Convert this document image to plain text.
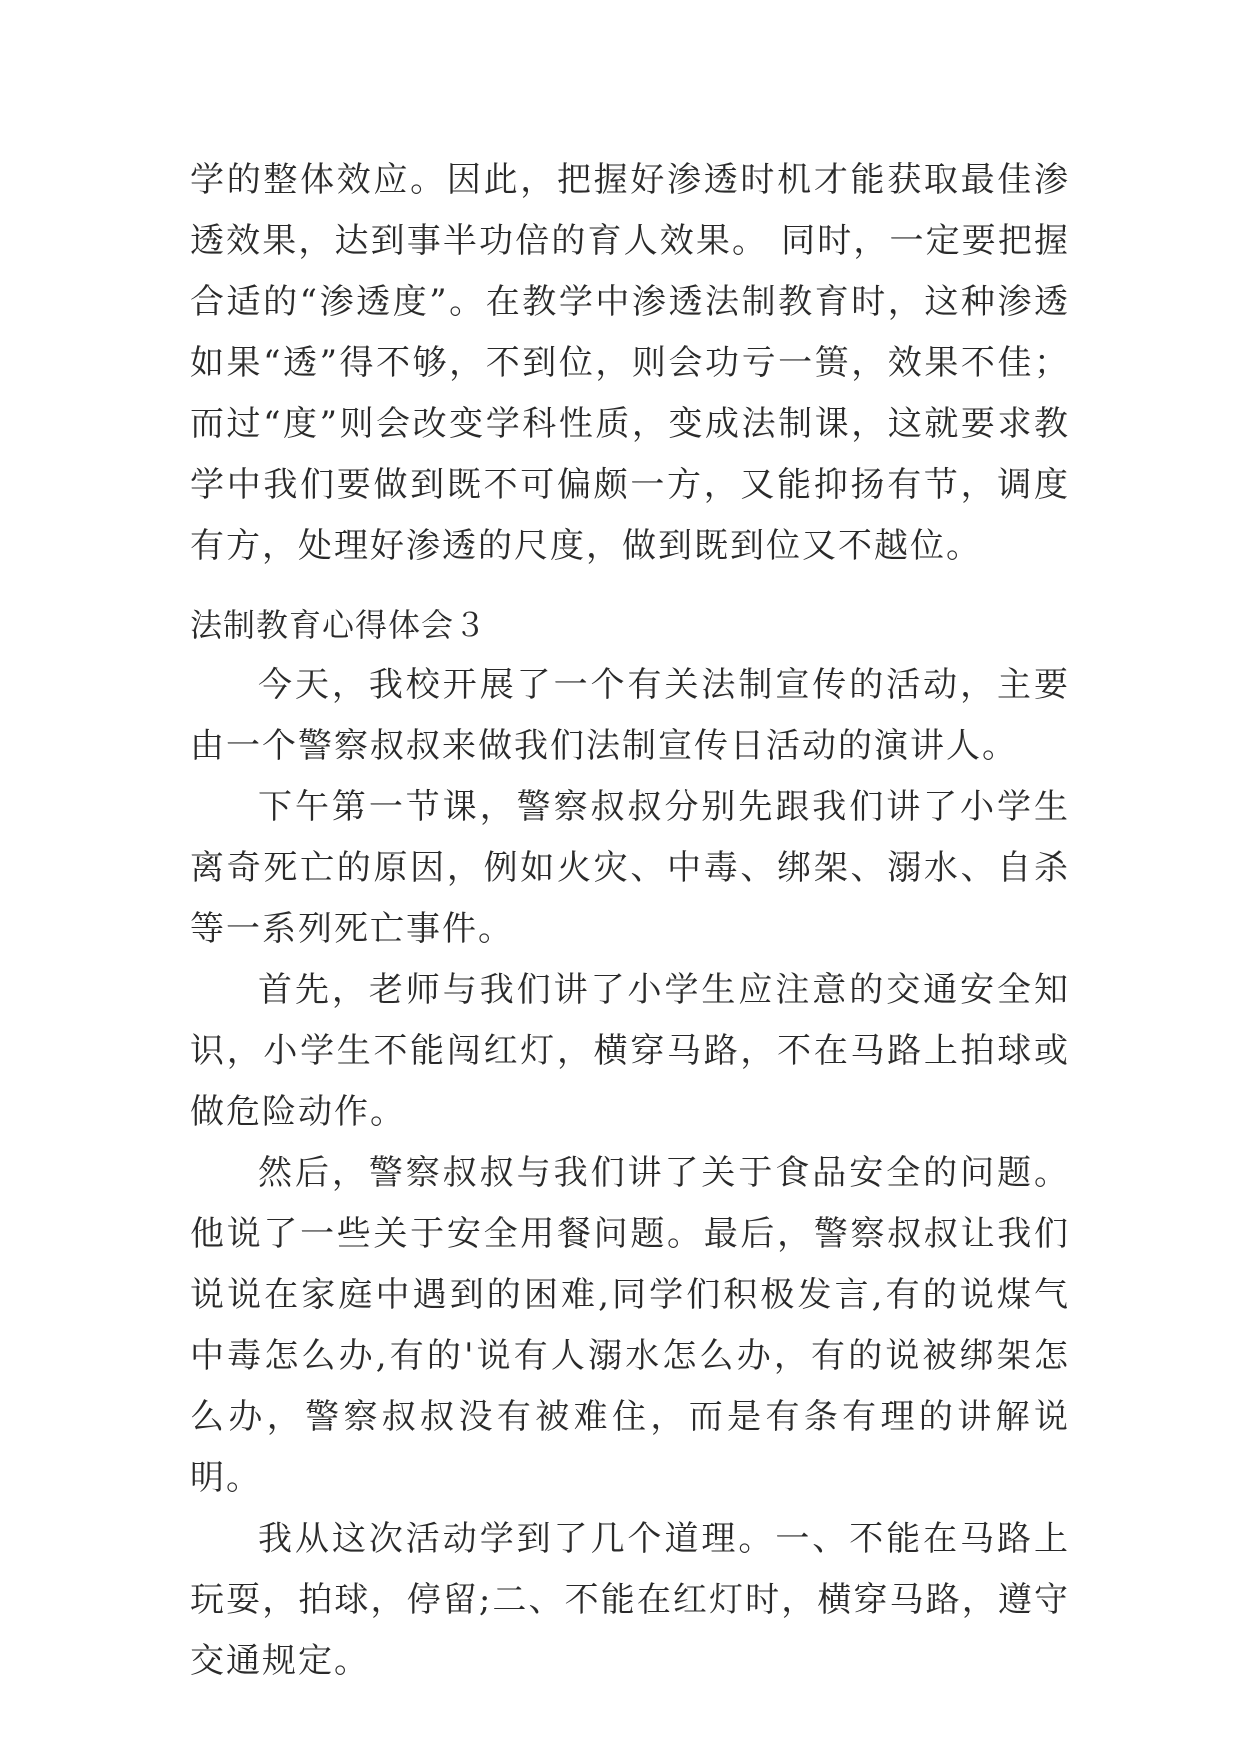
学的整体效应。因此，把握好渗透时机才能获取最佳渗透效果，达到事半功倍的育人效果。 同时，一定要把握合适的“渗透度”。在教学中渗透法制教育时，这种渗透如果“透”得不够，不到位，则会功亏一篑，效果不佳；而过“度”则会改变学科性质，变成法制课，这就要求教学中我们要做到既不可偏颇一方，又能抑扬有节，调度有方，处理好渗透的尺度，做到既到位又不越位。

法制教育心得体会３

今天，我校开展了一个有关法制宣传的活动，主要由一个警察叔叔来做我们法制宣传日活动的演讲人。

下午第一节课，警察叔叔分别先跟我们讲了小学生离奇死亡的原因，例如火灾、中毒、绑架、溺水、自杀等一系列死亡事件。

首先，老师与我们讲了小学生应注意的交通安全知识，小学生不能闯红灯，横穿马路，不在马路上拍球或做危险动作。

然后，警察叔叔与我们讲了关于食品安全的问题。他说了一些关于安全用餐问题。最后，警察叔叔让我们说说在家庭中遇到的困难,同学们积极发言,有的说煤气中毒怎么办,有的'说有人溺水怎么办，有的说被绑架怎么办，警察叔叔没有被难住，而是有条有理的讲解说明。

我从这次活动学到了几个道理。一、不能在马路上玩耍，拍球，停留;二、不能在红灯时，横穿马路，遵守交通规定。
